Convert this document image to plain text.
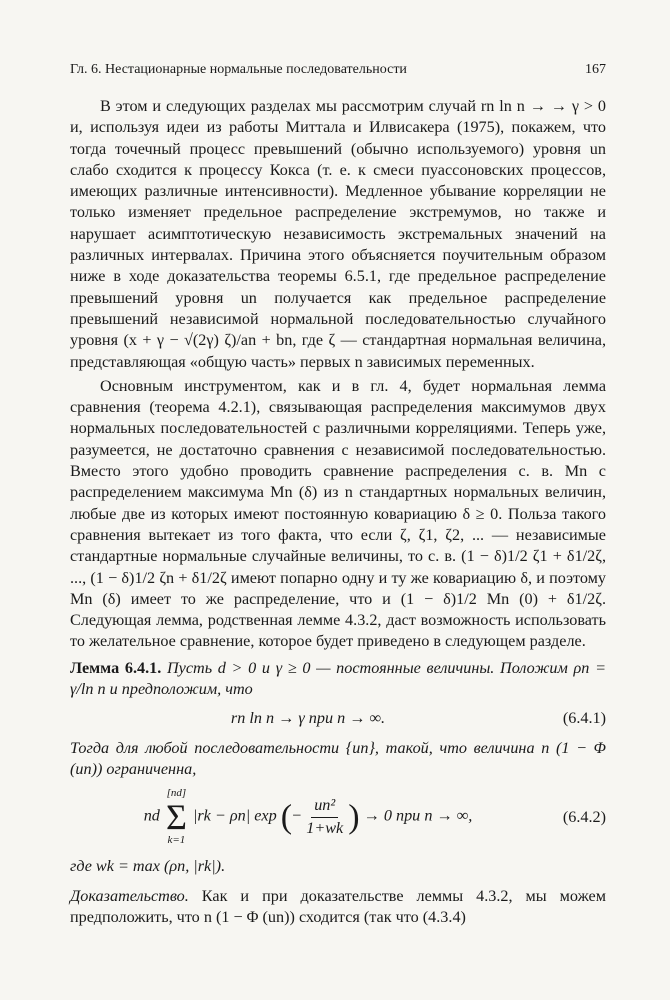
Гл. 6. Нестационарные нормальные последовательности	167

В этом и следующих разделах мы рассмотрим случай rn ln n → → γ > 0 и, используя идеи из работы Миттала и Илвисакера (1975), покажем, что тогда точечный процесс превышений (обычно используемого) уровня un слабо сходится к процессу Кокса (т. е. к смеси пуассоновских процессов, имеющих различные интенсивности). Медленное убывание корреляции не только изменяет предельное распределение экстремумов, но также и нарушает асимптотическую независимость экстремальных значений на различных интервалах. Причина этого объясняется поучительным образом ниже в ходе доказательства теоремы 6.5.1, где предельное распределение превышений уровня un получается как предельное распределение превышений независимой нормальной последовательностью случайного уровня (x + γ − √(2γ) ζ)/an + bn, где ζ — стандартная нормальная величина, представляющая «общую часть» первых n зависимых переменных.

Основным инструментом, как и в гл. 4, будет нормальная лемма сравнения (теорема 4.2.1), связывающая распределения максимумов двух нормальных последовательностей с различными корреляциями. Теперь уже, разумеется, не достаточно сравнения с независимой последовательностью. Вместо этого удобно проводить сравнение распределения с. в. Mn с распределением максимума Mn (δ) из n стандартных нормальных величин, любые две из которых имеют постоянную ковариацию δ ≥ 0. Польза такого сравнения вытекает из того факта, что если ζ, ζ1, ζ2, ... — независимые стандартные нормальные случайные величины, то с. в. (1 − δ)1/2 ζ1 + δ1/2ζ, ..., (1 − δ)1/2 ζn + δ1/2ζ имеют попарно одну и ту же ковариацию δ, и поэтому Mn (δ) имеет то же распределение, что и (1 − δ)1/2 Mn (0) + δ1/2ζ. Следующая лемма, родственная лемме 4.3.2, даст возможность использовать то желательное сравнение, которое будет приведено в следующем разделе.

Лемма 6.4.1. Пусть d > 0 и γ ≥ 0 — постоянные величины. Положим ρn = γ/ln n и предположим, что

rn ln n → γ при n → ∞.	(6.4.1)

Тогда для любой последовательности {un}, такой, что величина n (1 − Φ (un)) ограниченна,

nd
[nd]
Σ
k=1
|rk − ρn| exp (− $\frac{\text{un²}}{1+wk}$ ) → 0 при n → ∞,	(6.4.2)

где wk = max (ρn, |rk|).

Доказательство. Как и при доказательстве леммы 4.3.2, мы можем предположить, что n (1 − Φ (un)) сходится (так что (4.3.4)
